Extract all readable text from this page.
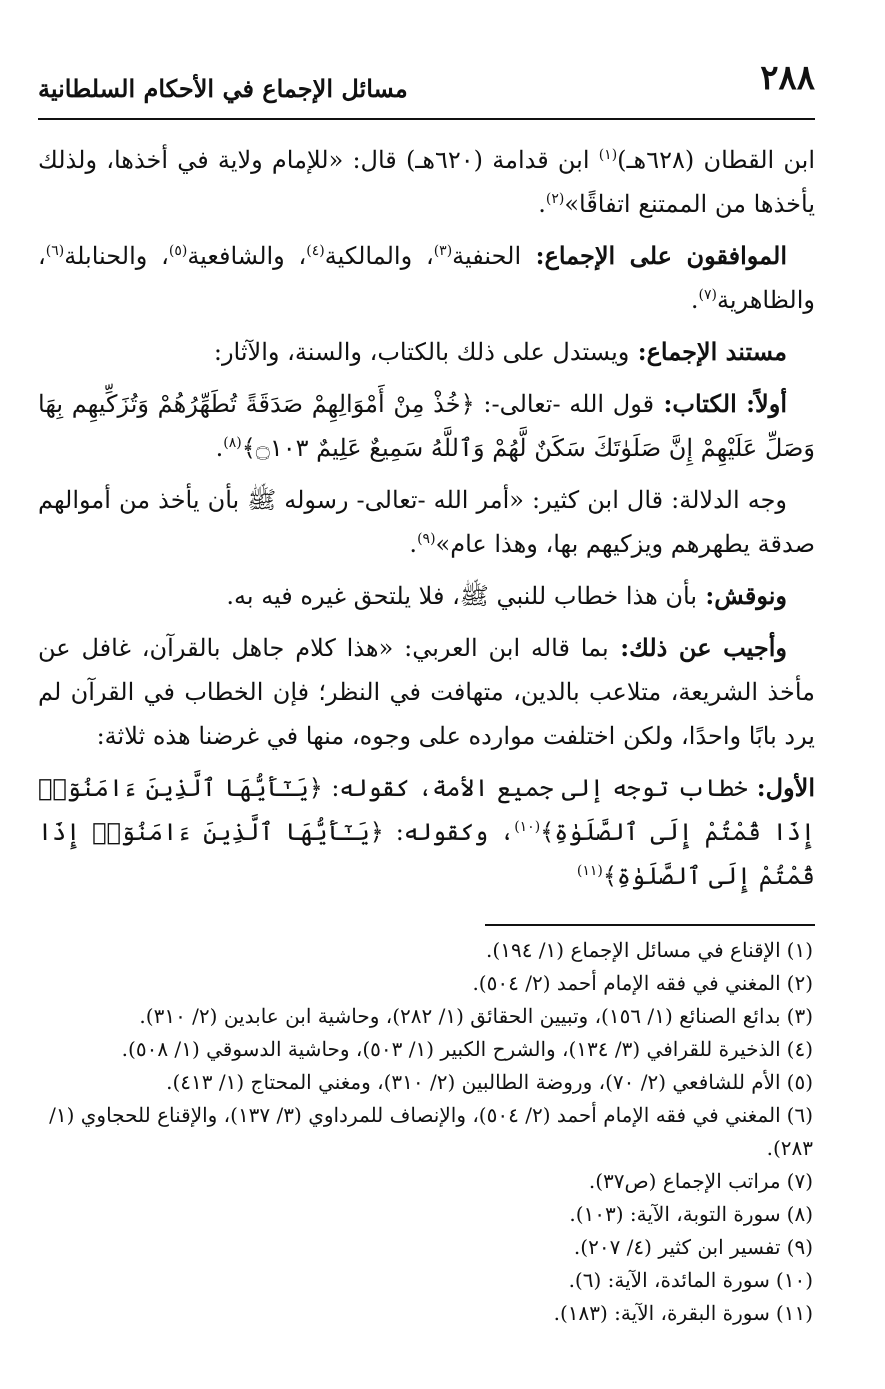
٢٨٨
مسائل الإجماع في الأحكام السلطانية

ابن القطان (٦٢٨هـ)$^{(١)}$ ابن قدامة (٦٢٠هـ) قال: «للإمام ولاية في أخذها، ولذلك يأخذها من الممتنع اتفاقًا»$^{(٢)}$.

الموافقون على الإجماع: الحنفية$^{(٣)}$، والمالكية$^{(٤)}$، والشافعية$^{(٥)}$، والحنابلة$^{(٦)}$، والظاهرية$^{(٧)}$.

مستند الإجماع: ويستدل على ذلك بالكتاب، والسنة، والآثار:

أولاً: الكتاب: قول الله -تعالى-: ﴿خُذْ مِنْ أَمْوَالِهِمْ صَدَقَةً تُطَهِّرُهُمْ وَتُزَكِّيهِم بِهَا وَصَلِّ عَلَيْهِمْ إِنَّ صَلَوٰتَكَ سَكَنٌ لَّهُمْ وَٱللَّهُ سَمِيعٌ عَلِيمٌ ۝١٠٣﴾$^{(٨)}$.

وجه الدلالة: قال ابن كثير: «أمر الله -تعالى- رسوله ﷺ بأن يأخذ من أموالهم صدقة يطهرهم ويزكيهم بها، وهذا عام»$^{(٩)}$.

ونوقش: بأن هذا خطاب للنبي ﷺ، فلا يلتحق غيره فيه به.

وأجيب عن ذلك: بما قاله ابن العربي: «هذا كلام جاهل بالقرآن، غافل عن مأخذ الشريعة، متلاعب بالدين، متهافت في النظر؛ فإن الخطاب في القرآن لم يرد بابًا واحدًا، ولكن اختلفت موارده على وجوه، منها في غرضنا هذه ثلاثة:

الأول: خطاب توجه إلى جميع الأمة، كقوله: ﴿يَـٰٓأَيُّهَا ٱلَّذِينَ ءَامَنُوٓا۟ إِذَا قُمْتُمْ إِلَى ٱلصَّلَوٰةِ﴾$^{(١٠)}$، وكقوله: ﴿يَـٰٓأَيُّهَا ٱلَّذِينَ ءَامَنُوٓا۟ إِذَا قُمْتُمْ إِلَى ٱلصَّلَوٰةِ﴾$^{(١١)}$

(١)الإقناع في مسائل الإجماع (١/ ١٩٤).

(٢)المغني في فقه الإمام أحمد (٢/ ٥٠٤).

(٣)بدائع الصنائع (١/ ١٥٦)، وتبيين الحقائق (١/ ٢٨٢)، وحاشية ابن عابدين (٢/ ٣١٠).

(٤)الذخيرة للقرافي (٣/ ١٣٤)، والشرح الكبير (١/ ٥٠٣)، وحاشية الدسوقي (١/ ٥٠٨).

(٥)الأم للشافعي (٢/ ٧٠)، وروضة الطالبين (٢/ ٣١٠)، ومغني المحتاج (١/ ٤١٣).

(٦)المغني في فقه الإمام أحمد (٢/ ٥٠٤)، والإنصاف للمرداوي (٣/ ١٣٧)، والإقناع للحجاوي (١/ ٢٨٣).

(٧)مراتب الإجماع (ص٣٧).

(٨)سورة التوبة، الآية: (١٠٣).

(٩)تفسير ابن كثير (٤/ ٢٠٧).

(١٠)سورة المائدة، الآية: (٦).

(١١)سورة البقرة، الآية: (١٨٣).
